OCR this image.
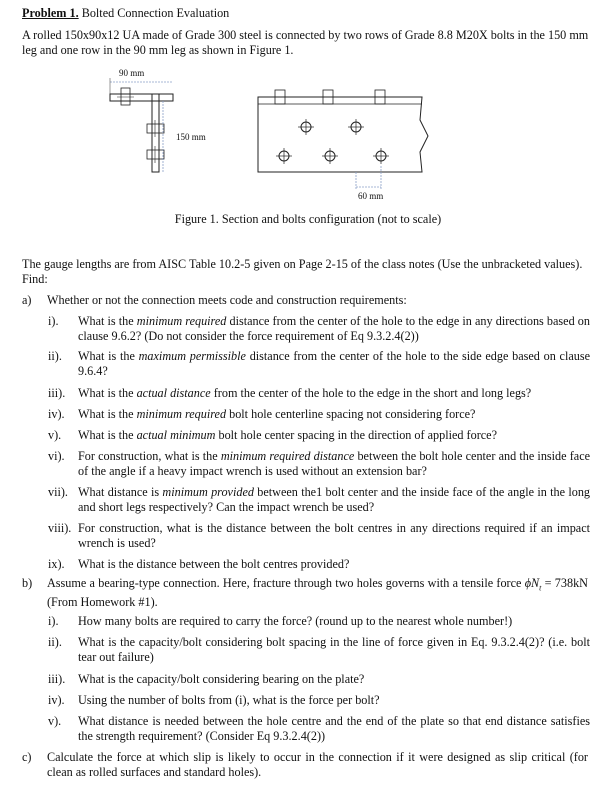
Problem 1. Bolted Connection Evaluation
A rolled 150x90x12 UA made of Grade 300 steel is connected by two rows of Grade 8.8 M20X bolts in the 150 mm leg and one row in the 90 mm leg as shown in Figure 1.
90 mm
150 mm
60 mm
Figure 1. Section and bolts configuration (not to scale)
The gauge lengths are from AISC Table 10.2-5 given on Page 2-15 of the class notes (Use the unbracketed values). Find:
a)	Whether or not the connection meets code and construction requirements:
i).	What is the minimum required distance from the center of the hole to the edge in any directions based on clause 9.6.2? (Do not consider the force requirement of Eq 9.3.2.4(2))
ii).	What is the maximum permissible distance from the center of the hole to the side edge based on clause 9.6.4?
iii).	What is the actual distance from the center of the hole to the edge in the short and long legs?
iv).	What is the minimum required bolt hole centerline spacing not considering force?
v).	What is the actual minimum bolt hole center spacing in the direction of applied force?
vi).	For construction, what is the minimum required distance between the bolt hole center and the inside face of the angle if a heavy impact wrench is used without an extension bar?
vii). What distance is minimum provided between the1 bolt center and the inside face of the angle in the long and short legs respectively? Can the impact wrench be used?
viii). For construction, what is the distance between the bolt centres in any directions required if an impact wrench is used?
ix).	What is the distance between the bolt centres provided?
b)	Assume a bearing-type connection. Here, fracture through two holes governs with a tensile force $\phi N_t = 738kN$ (From Homework #1).
i).	How many bolts are required to carry the force? (round up to the nearest whole number!)
ii).	What is the capacity/bolt considering bolt spacing in the line of force given in Eq. 9.3.2.4(2)? (i.e. bolt tear out failure)
iii).	What is the capacity/bolt considering bearing on the plate?
iv).	Using the number of bolts from (i), what is the force per bolt?
v).	What distance is needed between the hole centre and the end of the plate so that end distance satisfies the strength requirement? (Consider Eq 9.3.2.4(2))
c)	Calculate the force at which slip is likely to occur in the connection if it were designed as slip critical (for clean as rolled surfaces and standard holes).
